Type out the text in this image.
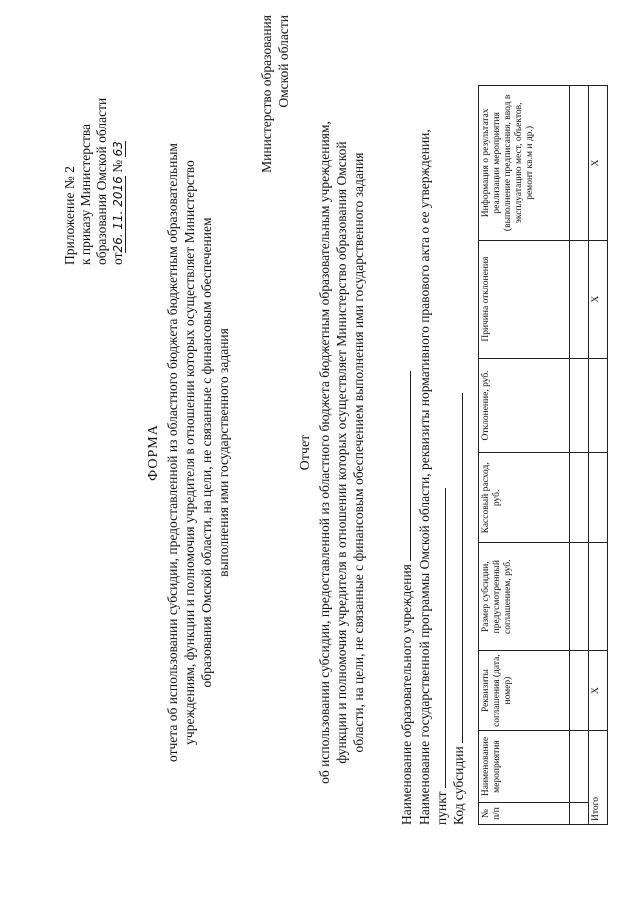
Приложение № 2 к приказу Министерства образования Омской области от26. 11. 2016 № 63	Министерство образования Омской области
ФОРМА отчета об использовании субсидии, предоставленной из областного бюджета бюджетным образовательным учреждениям, функции и полномочия учредителя в отношении которых осуществляет Министерство образования Омской области, на цели, не связанные с финансовым обеспечением выполнения ими государственного задания	Отчет об использовании субсидии, предоставленной из областного бюджета бюджетным образовательным учреждениям, функции и полномочия учредителя в отношении которых осуществляет Министерство образования Омской области, на цели, не связанные с финансовым обеспечением выполнения ими государственного задания Наименование образовательного учреждения Наименование государственной программы Омской области, реквизиты нормативного правового акта о ее утверждении, пункт Код субсидии № п/п	Наименование мероприятия	Реквизиты соглашения (дата, номер)	Размер субсидии, предусмотренный соглашением, руб.	Кассовый расход, руб.	Отклонение, руб.	Причина отклонения	Информация о результатах реализации мероприятия (выполнение предписания, ввод в эксплуатацию мест, объектов, ремонт кв.м и др.)

Итого		Х				Х	Х
